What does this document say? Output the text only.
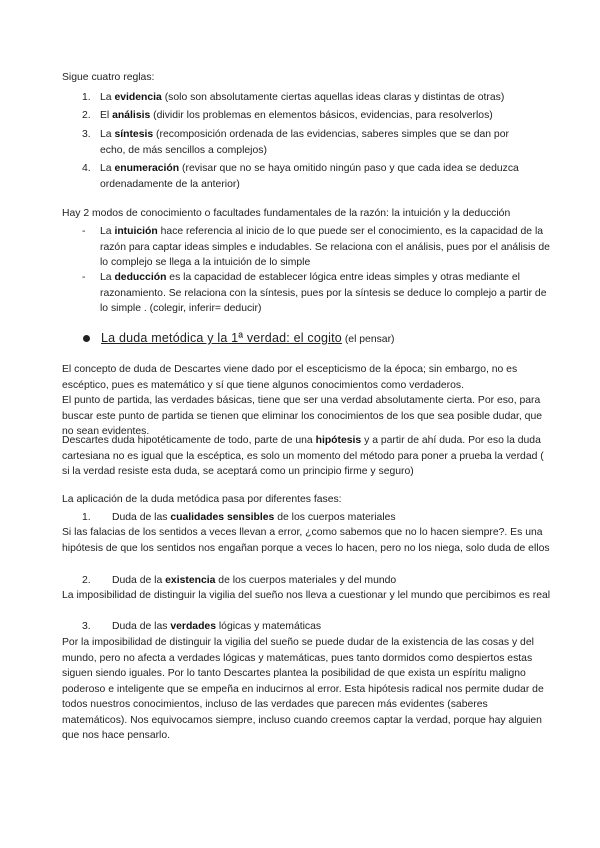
Sigue cuatro reglas:

1. La evidencia (solo son absolutamente ciertas aquellas ideas claras y distintas de otras)
2. El análisis (dividir los problemas en elementos básicos, evidencias, para resolverlos)
3. La síntesis (recomposición ordenada de las evidencias, saberes simples que se dan por echo, de más sencillos a complejos)
4. La enumeración (revisar que no se haya omitido ningún paso y que cada idea se deduzca ordenadamente de la anterior)

Hay 2 modos de conocimiento o facultades fundamentales de la razón: la intuición y la deducción

- La intuición hace referencia al inicio de lo que puede ser el conocimiento, es la capacidad de la razón para captar ideas simples e indudables. Se relaciona con el análisis, pues por el análisis de lo complejo se llega a la intuición de lo simple
- La deducción es la capacidad de establecer lógica entre ideas simples y otras mediante el razonamiento. Se relaciona con la síntesis, pues por la síntesis se deduce lo complejo a partir de lo simple . (colegir, inferir= deducir)
La duda metódica y la 1ª verdad: el cogito (el pensar)

El concepto de duda de Descartes viene dado por el escepticismo de la época; sin embargo, no es escéptico, pues es matemático y sí que tiene algunos conocimientos como verdaderos.

El punto de partida, las verdades básicas, tiene que ser una verdad absolutamente cierta. Por eso, para buscar este punto de partida se tienen que eliminar los conocimientos de los que sea posible dudar, que no sean evidentes.

Descartes duda hipotéticamente de todo, parte de una hipótesis y a partir de ahí duda. Por eso la duda cartesiana no es igual que la escéptica, es solo un momento del método para poner a prueba la verdad ( si la verdad resiste esta duda, se aceptará como un principio firme y seguro)

La aplicación de la duda metódica pasa por diferentes fases:

1.	Duda de las cualidades sensibles de los cuerpos materiales

Si las falacias de los sentidos a veces llevan a error, ¿como sabemos que no lo hacen siempre?. Es una hipótesis de que los sentidos nos engañan porque a veces lo hacen, pero no los niega, solo duda de ellos

2.	Duda de la existencia de los cuerpos materiales y del mundo

La imposibilidad de distinguir la vigilia del sueño nos lleva a cuestionar y lel mundo que percibimos es real

3.	Duda de las verdades lógicas y matemáticas

Por la imposibilidad de distinguir la vigilia del sueño se puede dudar de la existencia de las cosas y del mundo, pero no afecta a verdades lógicas y matemáticas, pues tanto dormidos como despiertos estas siguen siendo iguales. Por lo tanto Descartes plantea la posibilidad de que exista un espíritu maligno poderoso e inteligente que se empeña en inducirnos al error. Esta hipótesis radical nos permite dudar de todos nuestros conocimientos, incluso de las verdades que parecen más evidentes (saberes matemáticos). Nos equivocamos siempre, incluso cuando creemos captar la verdad, porque hay alguien que nos hace pensarlo.
